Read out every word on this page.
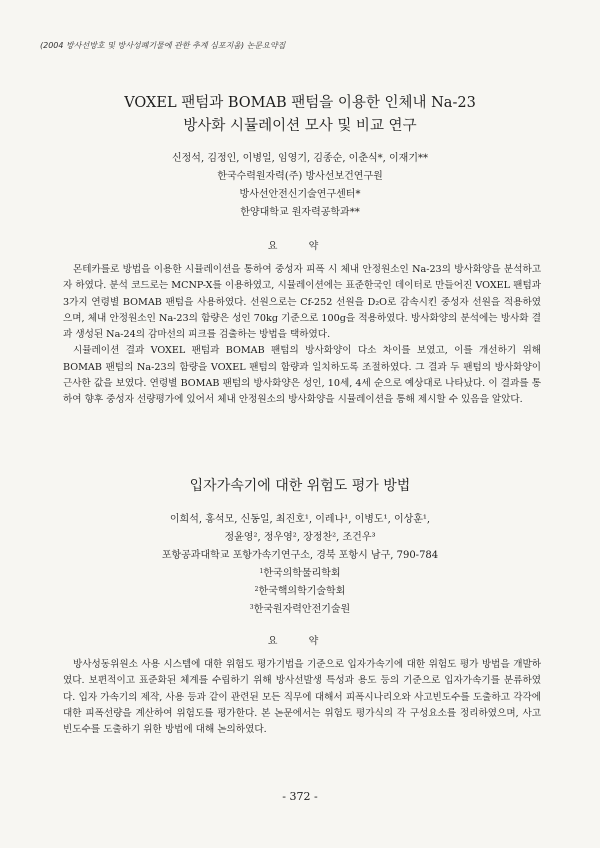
(2004 방사선방호 및 방사성폐기물에 관한 추계 심포지움) 논문요약집
VOXEL 팬텀과 BOMAB 팬텀을 이용한 인체내 Na-23
방사화 시뮬레이션 모사 및 비교 연구
신정석, 김정인, 이병일, 임영기, 김종순, 이춘식*, 이재기**
한국수력원자력(주) 방사선보건연구원
방사선안전신기술연구센터*
한양대학교 원자력공학과**
요 약

몬테카를로 방법을 이용한 시뮬레이션을 통하여 중성자 피폭 시 체내 안정원소인 Na-23의 방사화양을 분석하고자 하였다. 분석 코드로는 MCNP-X를 이용하였고, 시뮬레이션에는 표준한국인 데이터로 만들어진 VOXEL 팬텀과 3가지 연령별 BOMAB 팬텀을 사용하였다. 선원으로는 Cf-252 선원을 D₂O로 감속시킨 중성자 선원을 적용하였으며, 체내 안정원소인 Na-23의 함량은 성인 70kg 기준으로 100g을 적용하였다. 방사화양의 분석에는 방사화 결과 생성된 Na-24의 감마선의 피크를 검출하는 방법을 택하였다.

시뮬레이션 결과 VOXEL 팬텀과 BOMAB 팬텀의 방사화양이 다소 차이를 보였고, 이를 개선하기 위해 BOMAB 팬텀의 Na-23의 함량을 VOXEL 팬텀의 함량과 일치하도록 조절하였다. 그 결과 두 팬텀의 방사화양이 근사한 값을 보였다. 연령별 BOMAB 팬텀의 방사화양은 성인, 10세, 4세 순으로 예상대로 나타났다. 이 결과를 통하여 향후 중성자 선량평가에 있어서 체내 안정원소의 방사화양을 시뮬레이션을 통해 제시할 수 있음을 알았다.

입자가속기에 대한 위험도 평가 방법
이희석, 홍석모, 신동일, 최진호¹, 이레나¹, 이병도¹, 이상훈¹,
정윤영², 정우영², 장정찬², 조건우³
포항공과대학교 포항가속기연구소, 경북 포항시 남구, 790-784
$^1$한국의학물리학회
$^2$한국핵의학기술학회
$^3$한국원자력안전기술원
요 약

방사성동위원소 사용 시스템에 대한 위험도 평가기법을 기준으로 입자가속기에 대한 위험도 평가 방법을 개발하였다. 보편적이고 표준화된 체계를 수립하기 위해 방사선발생 특성과 용도 등의 기준으로 입자가속기를 분류하였다. 입자 가속기의 제작, 사용 등과 같이 관련된 모든 직무에 대해서 피폭시나리오와 사고빈도수를 도출하고 각각에 대한 피폭선량을 계산하여 위험도를 평가한다. 본 논문에서는 위험도 평가식의 각 구성요소를 정리하였으며, 사고빈도수를 도출하기 위한 방법에 대해 논의하였다.

- 372 -
